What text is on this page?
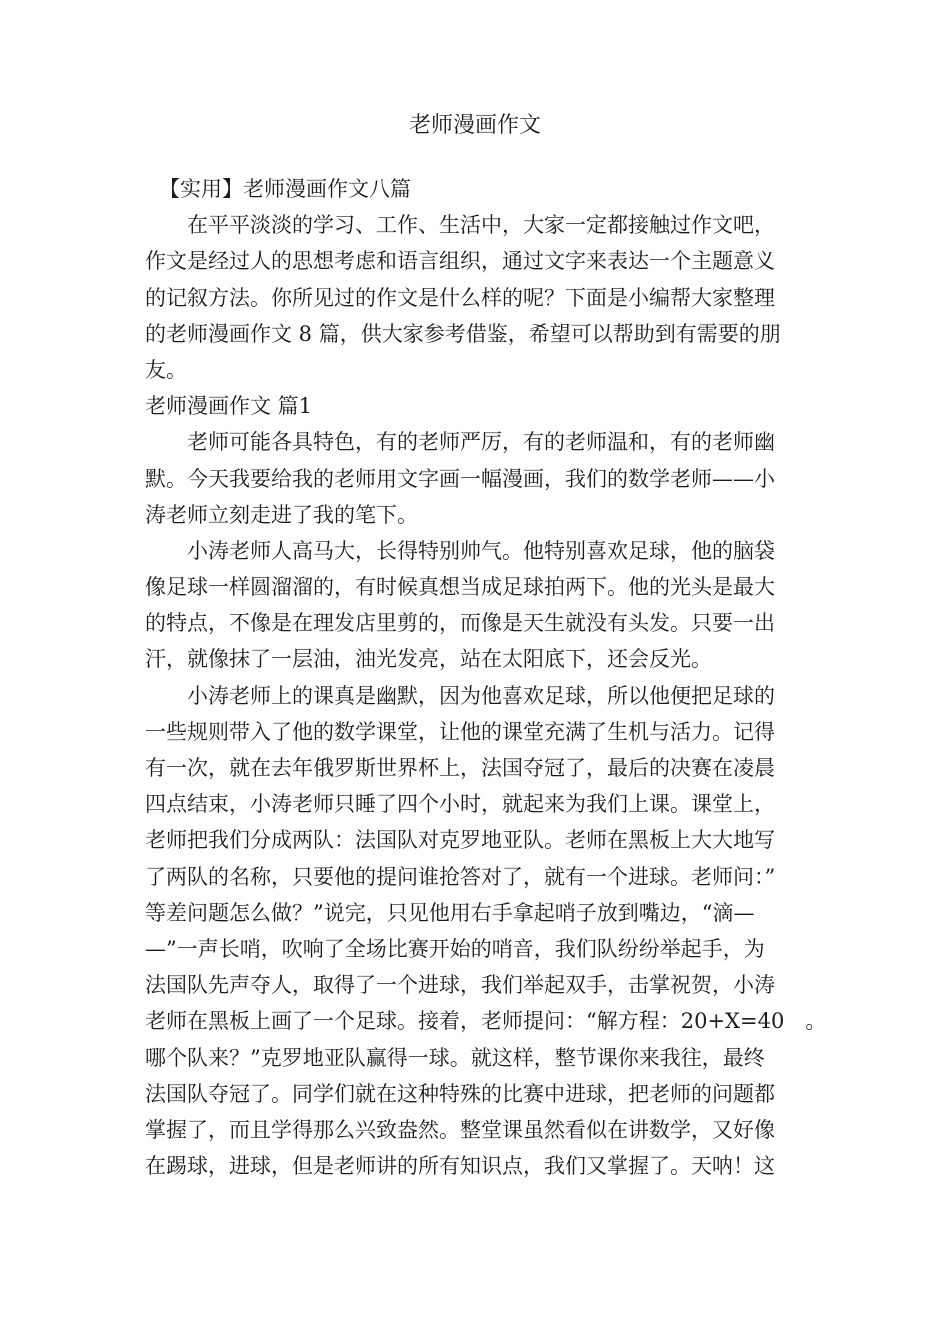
老师漫画作文
【实用】老师漫画作文八篇
在平平淡淡的学习、工作、生活中，大家一定都接触过作文吧，
作文是经过人的思想考虑和语言组织，通过文字来表达一个主题意义
的记叙方法。你所见过的作文是什么样的呢？下面是小编帮大家整理
的老师漫画作文 8 篇，供大家参考借鉴，希望可以帮助到有需要的朋
友。
老师漫画作文 篇1
老师可能各具特色，有的老师严厉，有的老师温和，有的老师幽
默。今天我要给我的老师用文字画一幅漫画，我们的数学老师——小
涛老师立刻走进了我的笔下。
小涛老师人高马大，长得特别帅气。他特别喜欢足球，他的脑袋
像足球一样圆溜溜的，有时候真想当成足球拍两下。他的光头是最大
的特点，不像是在理发店里剪的，而像是天生就没有头发。只要一出
汗，就像抹了一层油，油光发亮，站在太阳底下，还会反光。
小涛老师上的课真是幽默，因为他喜欢足球，所以他便把足球的
一些规则带入了他的数学课堂，让他的课堂充满了生机与活力。记得
有一次，就在去年俄罗斯世界杯上，法国夺冠了，最后的决赛在凌晨
四点结束，小涛老师只睡了四个小时，就起来为我们上课。课堂上，
老师把我们分成两队：法国队对克罗地亚队。老师在黑板上大大地写
了两队的名称，只要他的提问谁抢答对了，就有一个进球。老师问：”
等差问题怎么做？”说完，只见他用右手拿起哨子放到嘴边，“滴—
—”一声长哨，吹响了全场比赛开始的哨音，我们队纷纷举起手，为
法国队先声夺人，取得了一个进球，我们举起双手，击掌祝贺，小涛
老师在黑板上画了一个足球。接着，老师提问：“解方程：20+X=40　。
哪个队来？”克罗地亚队赢得一球。就这样，整节课你来我往，最终
法国队夺冠了。同学们就在这种特殊的比赛中进球，把老师的问题都
掌握了，而且学得那么兴致盎然。整堂课虽然看似在讲数学，又好像
在踢球，进球，但是老师讲的所有知识点，我们又掌握了。天呐！这
